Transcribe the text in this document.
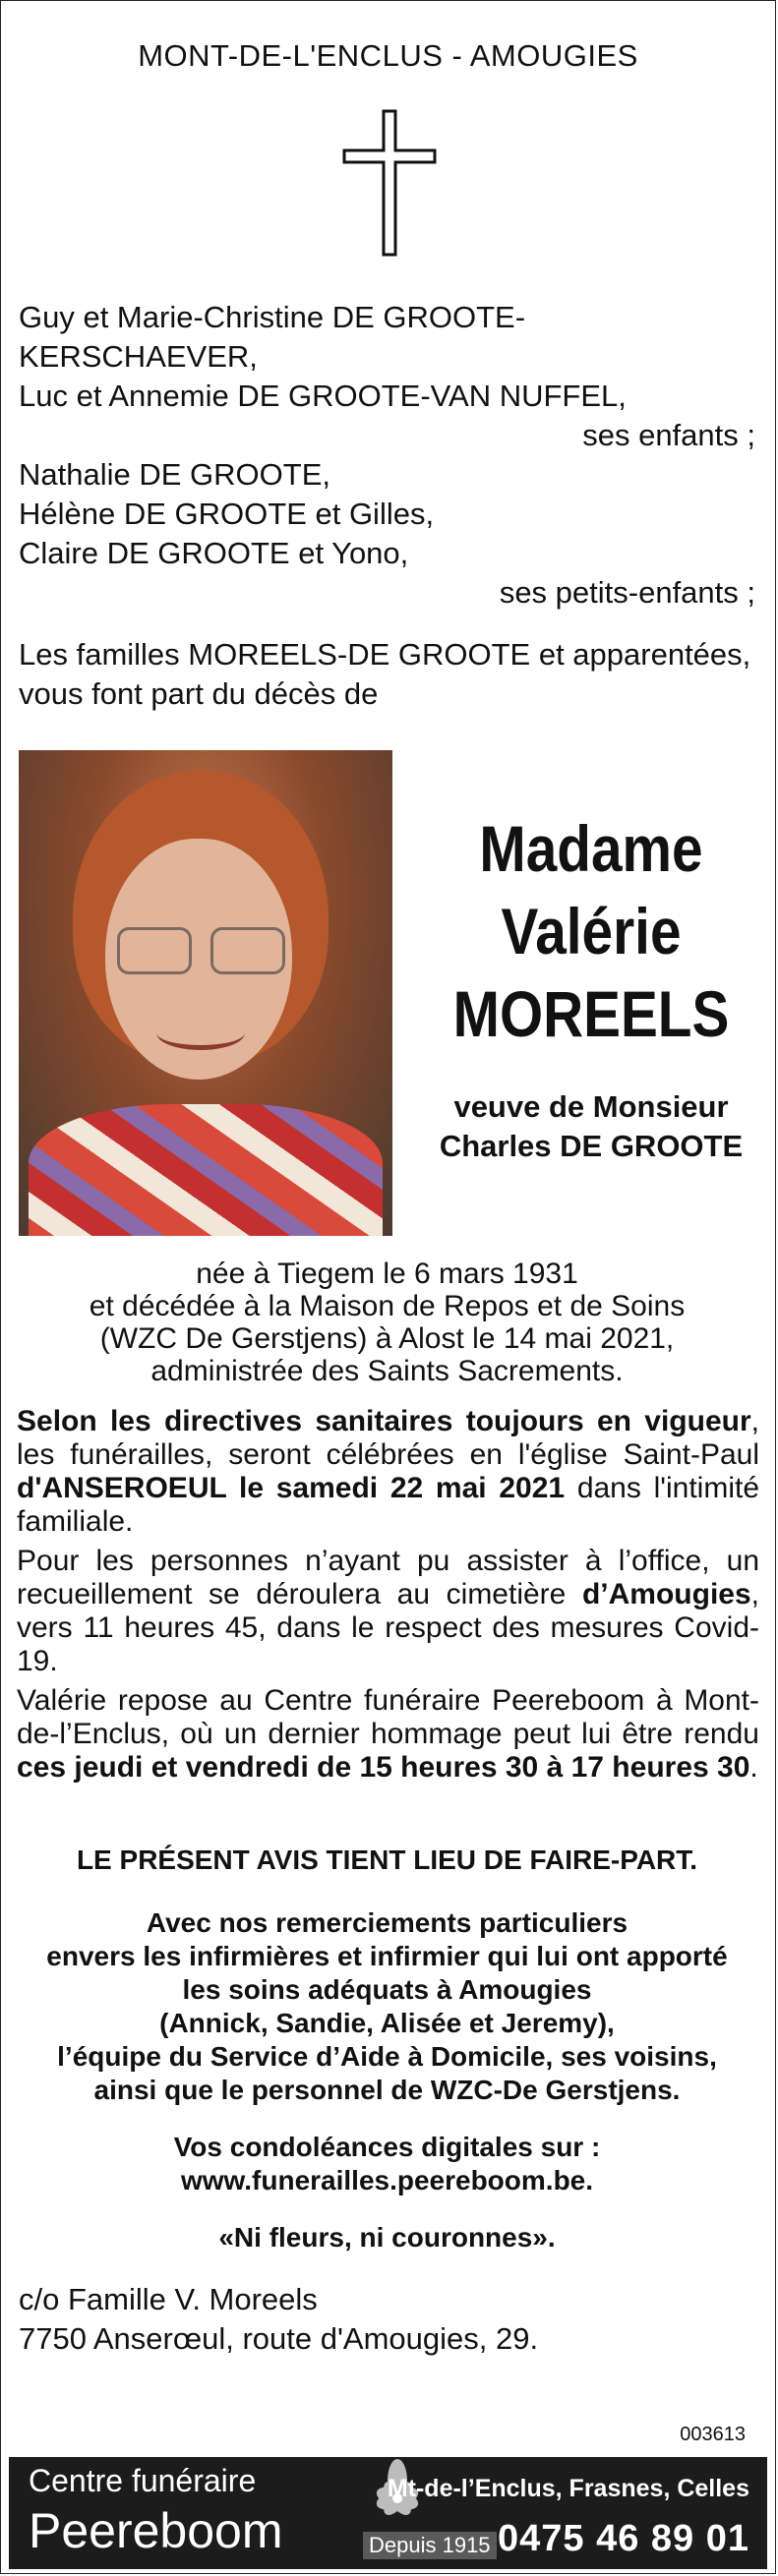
MONT-DE-L'ENCLUS - AMOUGIES
Guy et Marie-Christine DE GROOTE-KERSCHAEVER,
Luc et Annemie DE GROOTE-VAN NUFFEL,
ses enfants ;
Nathalie DE GROOTE,
Hélène DE GROOTE et Gilles,
Claire DE GROOTE et Yono,
ses petits-enfants ;
Les familles MOREELS-DE GROOTE et apparentées,
vous font part du décès de
Madame
Valérie
MOREELS
veuve de Monsieur
Charles DE GROOTE
née à Tiegem le 6 mars 1931
et décédée à la Maison de Repos et de Soins
(WZC De Gerstjens) à Alost le 14 mai 2021,
administrée des Saints Sacrements.
Selon les directives sanitaires toujours en vigueur, les funérailles, seront célébrées en l'église Saint-Paul d'ANSEROEUL le samedi 22 mai 2021 dans l'intimité familiale.
Pour les personnes n’ayant pu assister à l’office, un recueillement se déroulera au cimetière d’Amougies, vers 11 heures 45, dans le respect des mesures Covid-19.
Valérie repose au Centre funéraire Peereboom à Mont-de-l’Enclus, où un dernier hommage peut lui être rendu ces jeudi et vendredi de 15 heures 30 à 17 heures 30.
LE PRÉSENT AVIS TIENT LIEU DE FAIRE-PART.
Avec nos remerciements particuliers
envers les infirmières et infirmier qui lui ont apporté
les soins adéquats à Amougies
(Annick, Sandie, Alisée et Jeremy),
l’équipe du Service d’Aide à Domicile, ses voisins,
ainsi que le personnel de WZC-De Gerstjens.
Vos condoléances digitales sur :
www.funerailles.peereboom.be.
«Ni fleurs, ni couronnes».
c/o Famille V. Moreels
7750 Anserœul, route d'Amougies, 29.
003613
Centre funéraire
Peereboom	Depuis 1915
Mt-de-l’Enclus, Frasnes, Celles
0475 46 89 01
